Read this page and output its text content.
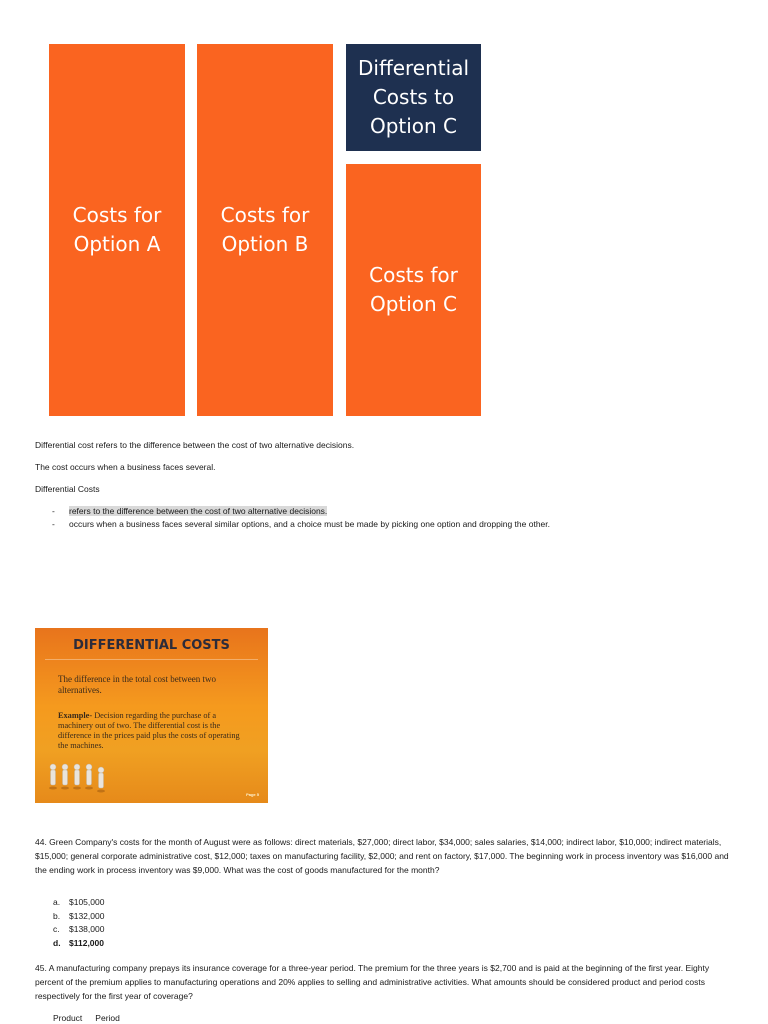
Costs for
Option A
Costs for
Option B
Differential
Costs to
Option C
Costs for
Option C
Differential cost refers to the difference between the cost of two alternative decisions.
The cost occurs when a business faces several.
Differential Costs
- refers to the difference between the cost of two alternative decisions.
- occurs when a business faces several similar options, and a choice must be made by picking one option and dropping the other.
DIFFERENTIAL COSTS
The difference in the total cost between two alternatives.
Example- Decision regarding the purchase of a machinery out of two. The differential cost is the difference in the prices paid plus the costs of operating the machines.
Page 5
44. Green Company's costs for the month of August were as follows: direct materials, $27,000; direct labor, $34,000; sales salaries, $14,000; indirect labor, $10,000; indirect materials, $15,000; general corporate administrative cost, $12,000; taxes on manufacturing facility, $2,000; and rent on factory, $17,000. The beginning work in process inventory was $16,000 and the ending work in process inventory was $9,000. What was the cost of goods manufactured for the month?
a. $105,000
b. $132,000
c. $138,000
d. $112,000
45. A manufacturing company prepays its insurance coverage for a three-year period. The premium for the three years is $2,700 and is paid at the beginning of the first year. Eighty percent of the premium applies to manufacturing operations and 20% applies to selling and administrative activities. What amounts should be considered product and period costs respectively for the first year of coverage?
Product Period
